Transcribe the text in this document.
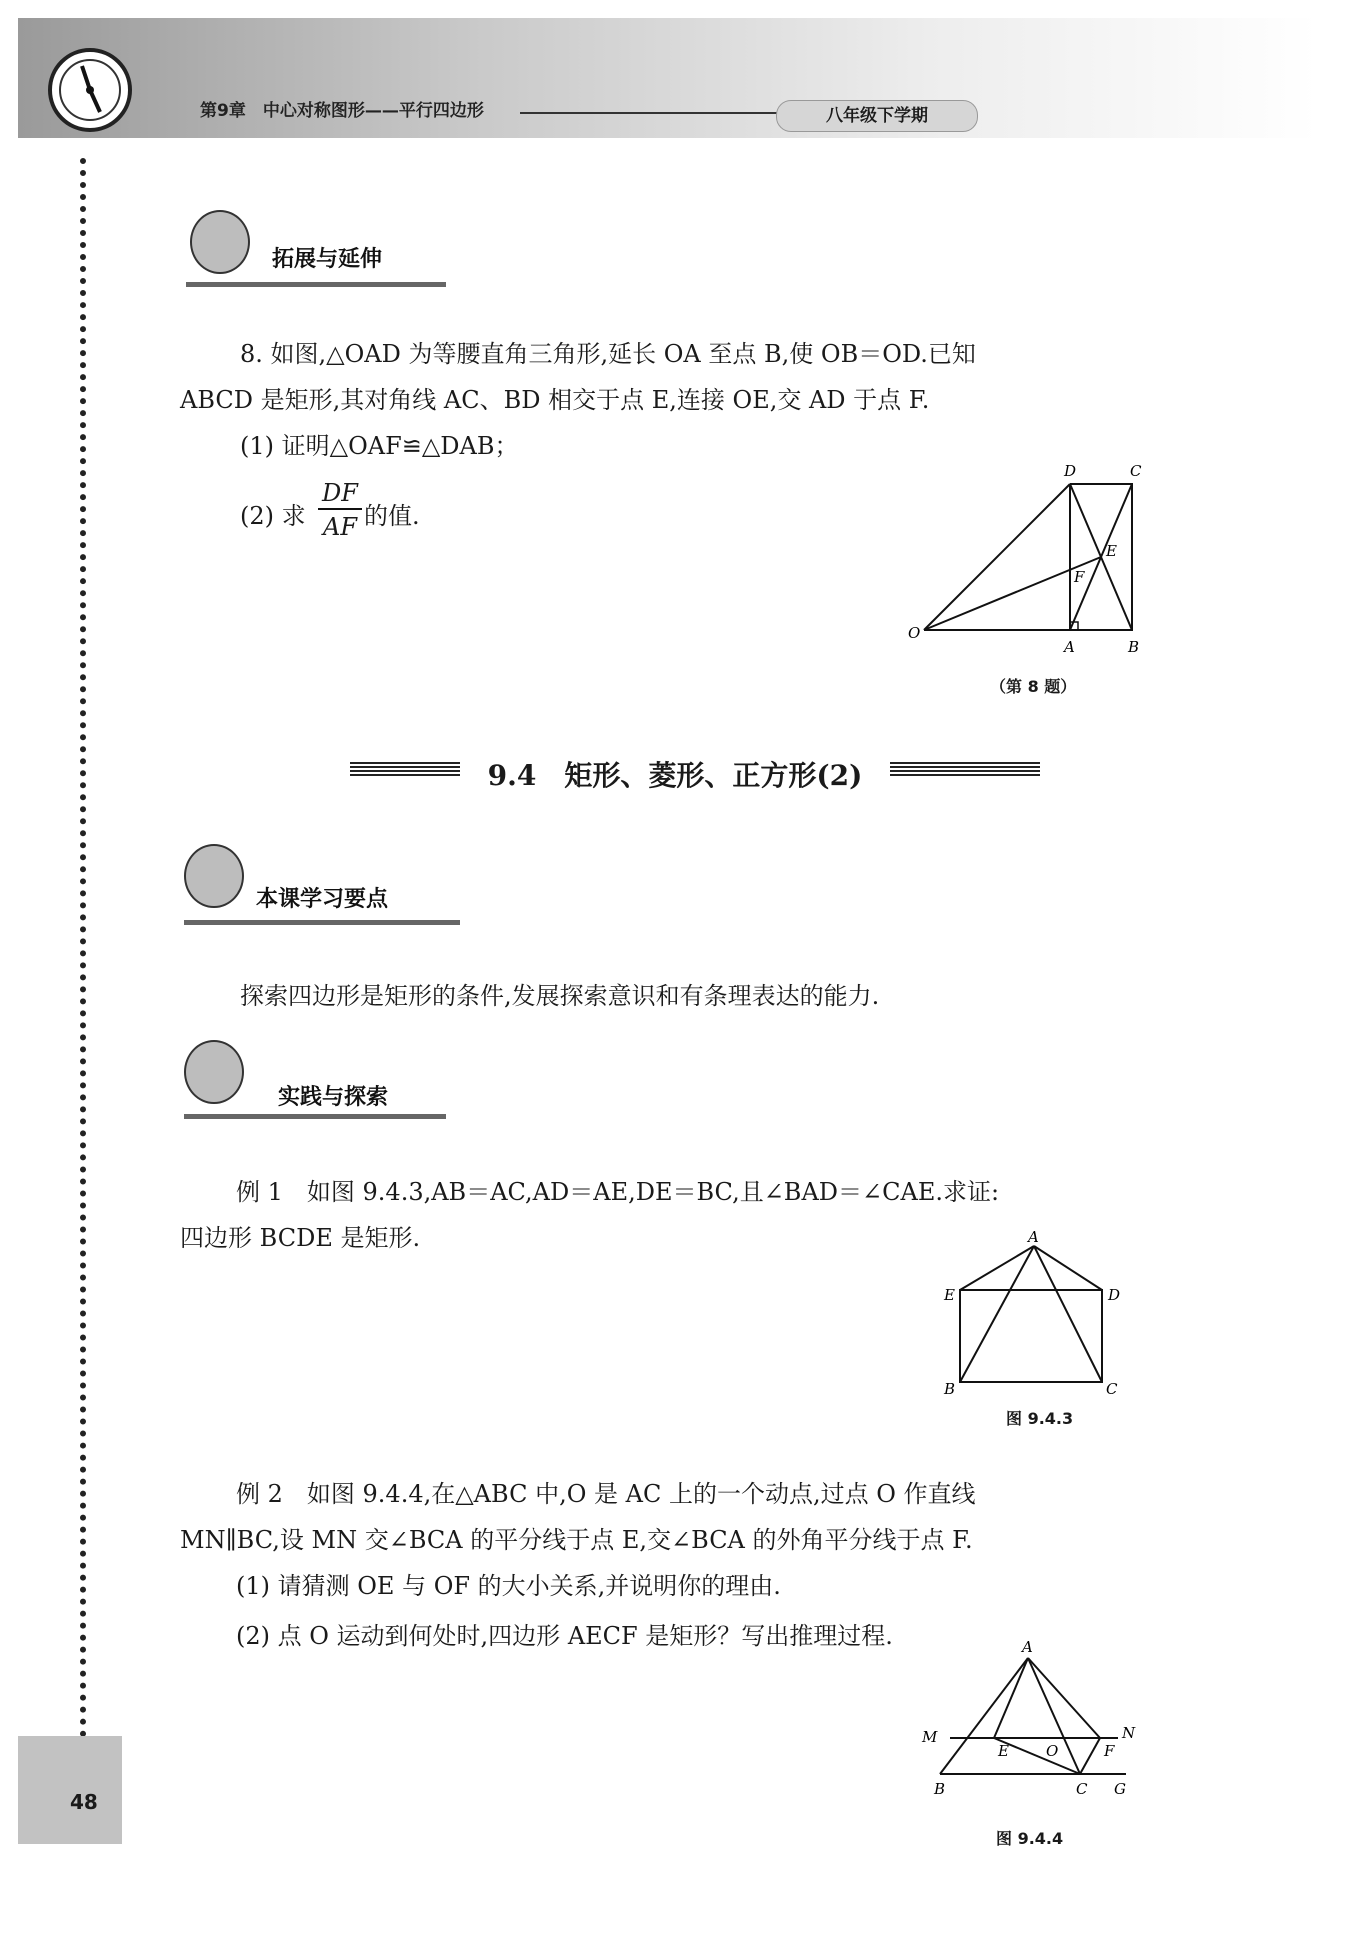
第9章　中心对称图形——平行四边形	八年级下学期
48
拓展与延伸
8. 如图,△OAD 为等腰直角三角形,延长 OA 至点 B,使 OB＝OD.已知
ABCD 是矩形,其对角线 AC、BD 相交于点 E,连接 OE,交 AD 于点 F.
(1) 证明△OAF≌△DAB；
(2) 求
DF
AF 的值.
O
A	B
C
D
E
F
（第 8 题）
9.4　矩形、菱形、正方形(2)
本课学习要点
探索四边形是矩形的条件,发展探索意识和有条理表达的能力.
实践与探索
例 1　如图 9.4.3,AB＝AC,AD＝AE,DE＝BC,且∠BAD＝∠CAE.求证:
四边形 BCDE 是矩形.	A
E	D
B	C
图 9.4.3
例 2　如图 9.4.4,在△ABC 中,O 是 AC 上的一个动点,过点 O 作直线
MN∥BC,设 MN 交∠BCA 的平分线于点 E,交∠BCA 的外角平分线于点 F.
(1) 请猜测 OE 与 OF 的大小关系,并说明你的理由.
(2) 点 O 运动到何处时,四边形 AECF 是矩形？写出推理过程.	A
M	N
E O	F
B	C G
图 9.4.4
